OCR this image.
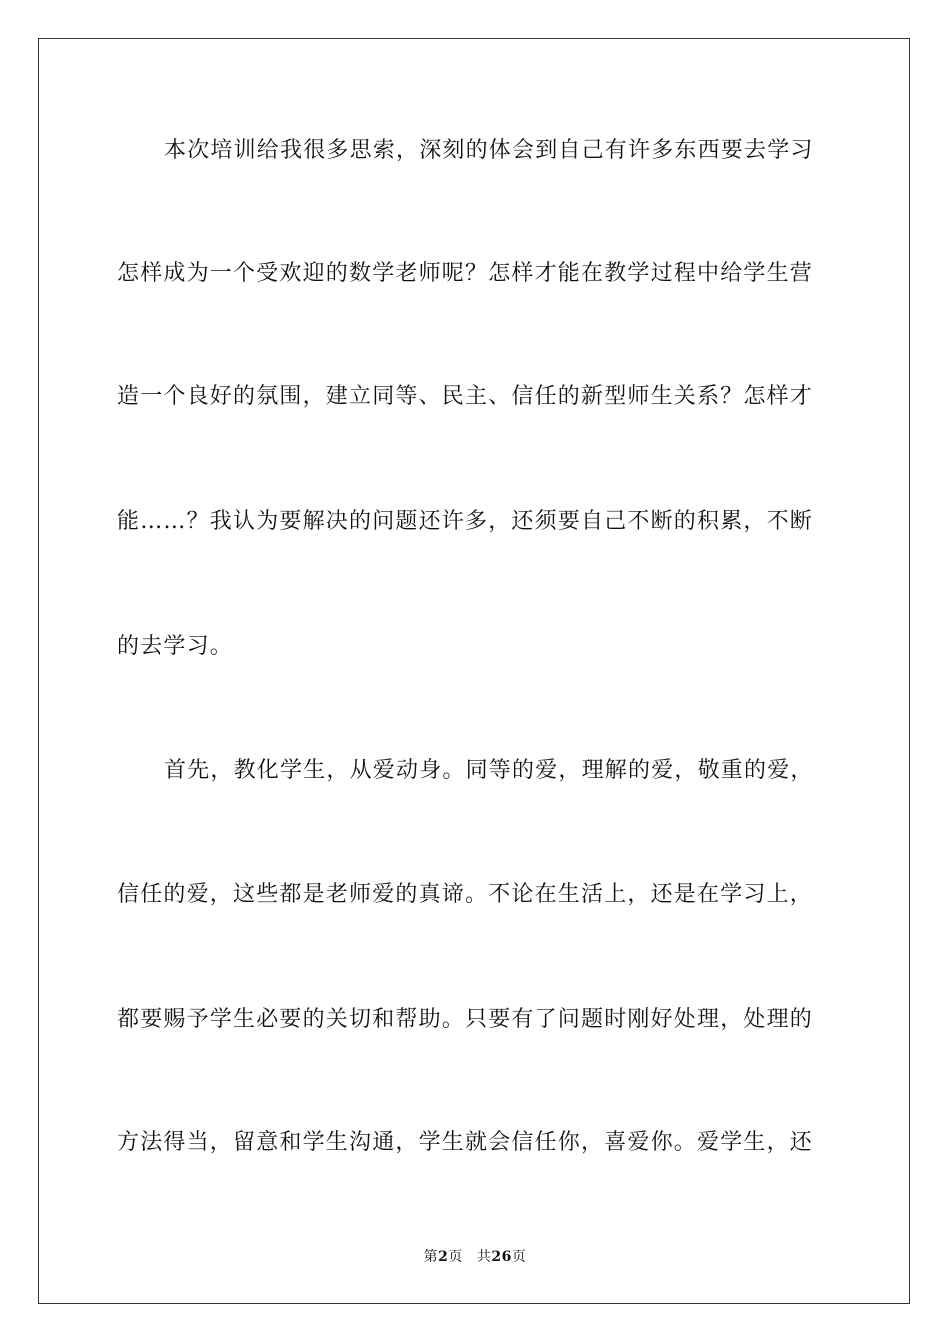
本次培训给我很多思索，深刻的体会到自己有许多东西要去学习
怎样成为一个受欢迎的数学老师呢？怎样才能在教学过程中给学生营
造一个良好的氛围，建立同等、民主、信任的新型师生关系？怎样才
能……？我认为要解决的问题还许多，还须要自己不断的积累，不断
的去学习。
首先，教化学生，从爱动身。同等的爱，理解的爱，敬重的爱，
信任的爱，这些都是老师爱的真谛。不论在生活上，还是在学习上，
都要赐予学生必要的关切和帮助。只要有了问题时刚好处理，处理的
方法得当，留意和学生沟通，学生就会信任你，喜爱你。爱学生，还
第2页 共26页
